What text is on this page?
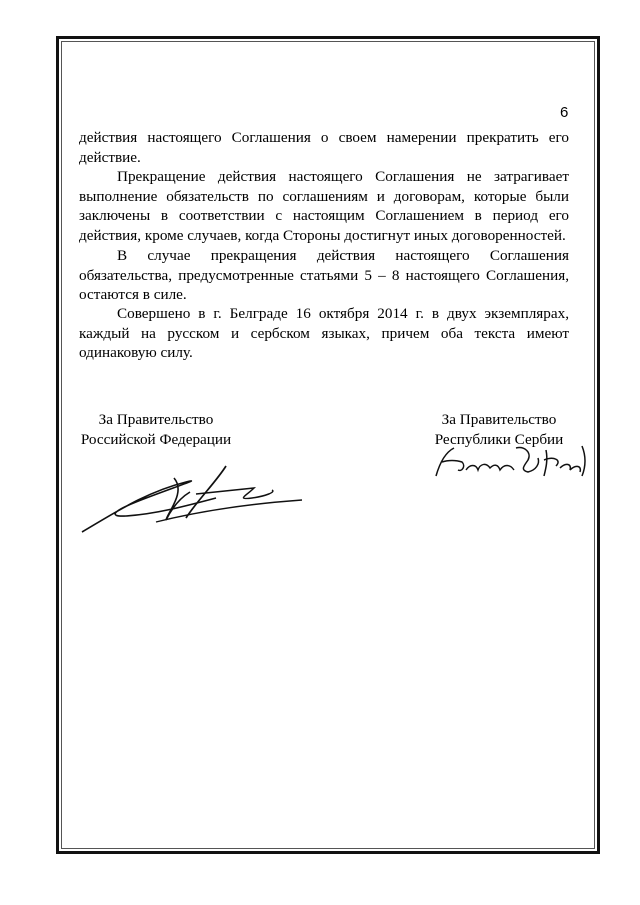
6

действия настоящего Соглашения о своем намерении прекратить его действие.

Прекращение действия настоящего Соглашения не затрагивает выполнение обязательств по соглашениям и договорам, которые были заключены в соответствии с настоящим Соглашением в период его действия, кроме случаев, когда Стороны достигнут иных договоренностей.

В случае прекращения действия настоящего Соглашения обязательства, предусмотренные статьями 5 – 8 настоящего Соглашения, остаются в силе.

Совершено в г. Белграде 16 октября 2014 г. в двух экземплярах, каждый на русском и сербском языках, причем оба текста имеют одинаковую силу.

За Правительство
Российской Федерации
За Правительство
Республики Сербии
